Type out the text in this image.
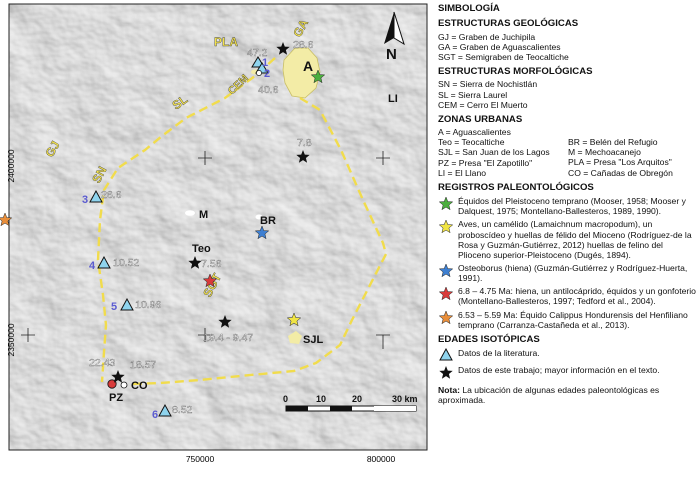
2400000
2350000
750000	800000
GJ
SN
SL
CEM
GA
PLA
N
A
LI
M	BR
Teo
SJL
CO
PZ
1
2
3
4
5
6
47.2
28.6
40.6
7.8
26.6
10.52
10.96
7.56
19.4 - 9.47
22.43 18.57
8.52
0	10	20	30 km
SIMBOLOGÍA
ESTRUCTURAS GEOLÓGICAS
GJ = Graben de Juchipila
GA = Graben de Aguascalientes
SGT = Semigraben de Teocaltiche
ESTRUCTURAS MORFOLÓGICAS
SN = Sierra de Nochistlán
SL = Sierra Laurel
CEM = Cerro El Muerto
ZONAS URBANAS
A = Aguascalientes
Teo = Teocaltiche
SJL = San Juan de los Lagos
PZ = Presa "El Zapotillo"
LI = El Llano
BR = Belén del Refugio
M = Mechoacanejo
PLA = Presa "Los Arquitos"
CO = Cañadas de Obregón
REGISTROS PALEONTOLÓGICOS
Équidos del Pleistoceno temprano (Mooser, 1958; Mooser y Dalquest, 1975; Montellano-Ballesteros, 1989, 1990).
Aves, un camélido (Lamaichnum macropodum), un proboscídeo y huellas de félido del Mioceno (Rodríguez-de la Rosa y Guzmán-Gutiérrez, 2012) huellas de felino del Plioceno superior-Pleistoceno (Dugés, 1894).
Osteoborus (hiena) (Guzmán-Gutiérrez y Rodríguez-Huerta, 1991).
6.8 – 4.75 Ma: hiena, un antilocáprido, équidos y un gonfoterio (Montellano-Ballesteros, 1997; Tedford et al., 2004).
6.53 – 5.59 Ma: Équido Calippus Hondurensis del Henfiliano temprano (Carranza-Castañeda et al., 2013).
EDADES ISOTÓPICAS
Datos de la literatura.
Datos de este trabajo; mayor información en el texto.
Nota: La ubicación de algunas edades paleontológicas es aproximada.
